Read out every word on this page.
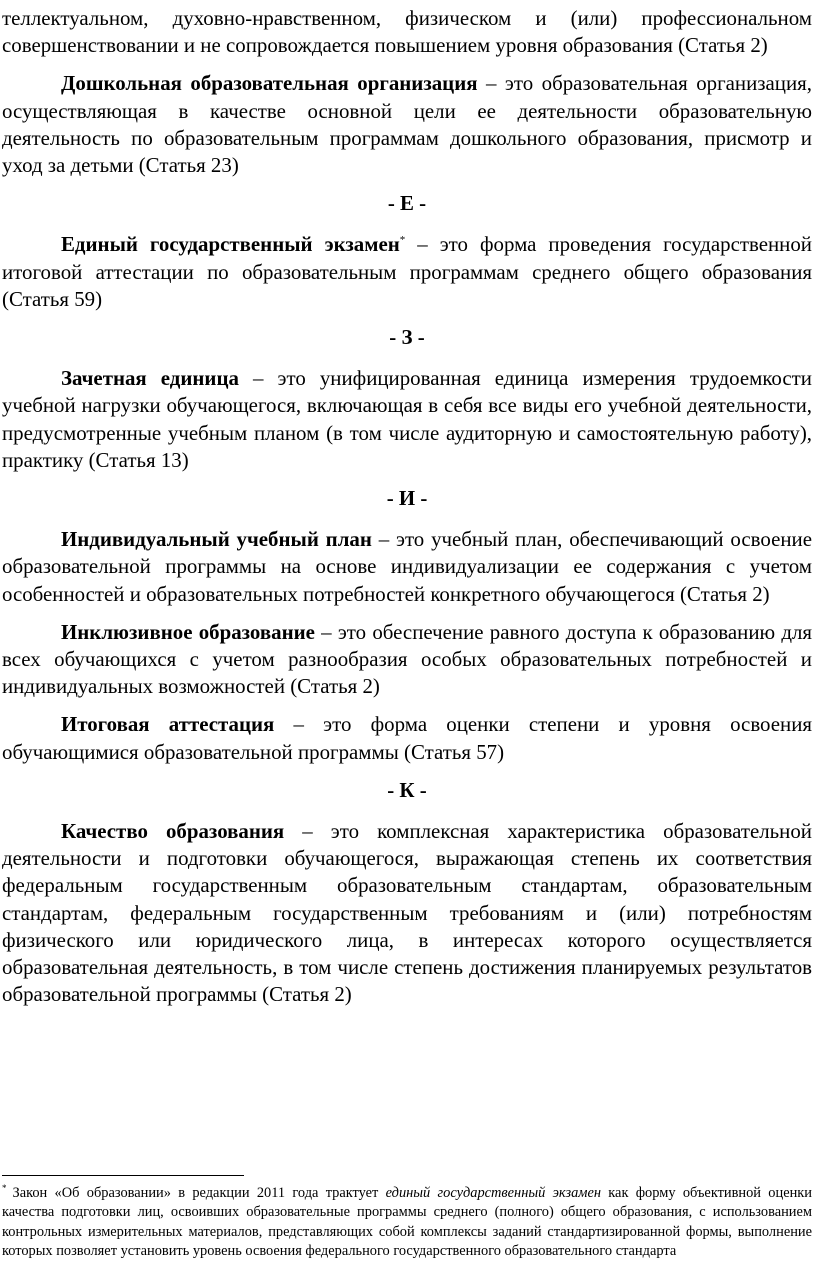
теллектуальном, духовно-нравственном, физическом и (или) профессиональном совершенствовании и не сопровождается повышением уровня образования (Статья 2)

Дошкольная образовательная организация – это образовательная организация, осуществляющая в качестве основной цели ее деятельности образовательную деятельность по образовательным программам дошкольного образования, присмотр и уход за детьми (Статья 23)

- Е -

Единый государственный экзамен* – это форма проведения государственной итоговой аттестации по образовательным программам среднего общего образования (Статья 59)

- З -

Зачетная единица – это унифицированная единица измерения трудоемкости учебной нагрузки обучающегося, включающая в себя все виды его учебной деятельности, предусмотренные учебным планом (в том числе аудиторную и самостоятельную работу), практику (Статья 13)

- И -

Индивидуальный учебный план – это учебный план, обеспечивающий освоение образовательной программы на основе индивидуализации ее содержания с учетом особенностей и образовательных потребностей конкретного обучающегося (Статья 2)

Инклюзивное образование – это обеспечение равного доступа к образованию для всех обучающихся с учетом разнообразия особых образовательных потребностей и индивидуальных возможностей (Статья 2)

Итоговая аттестация – это форма оценки степени и уровня освоения обучающимися образовательной программы (Статья 57)

- К -

Качество образования – это комплексная характеристика образовательной деятельности и подготовки обучающегося, выражающая степень их соответствия федеральным государственным образовательным стандартам, образовательным стандартам, федеральным государственным требованиям и (или) потребностям физического или юридического лица, в интересах которого осуществляется образовательная деятельность, в том числе степень достижения планируемых результатов образовательной программы (Статья 2)

* Закон «Об образовании» в редакции 2011 года трактует единый государственный экзамен как форму объективной оценки качества подготовки лиц, освоивших образовательные программы среднего (полного) общего образования, с использованием контрольных измерительных материалов, представляющих собой комплексы заданий стандартизированной формы, выполнение которых позволяет установить уровень освоения федерального государственного образовательного стандарта
